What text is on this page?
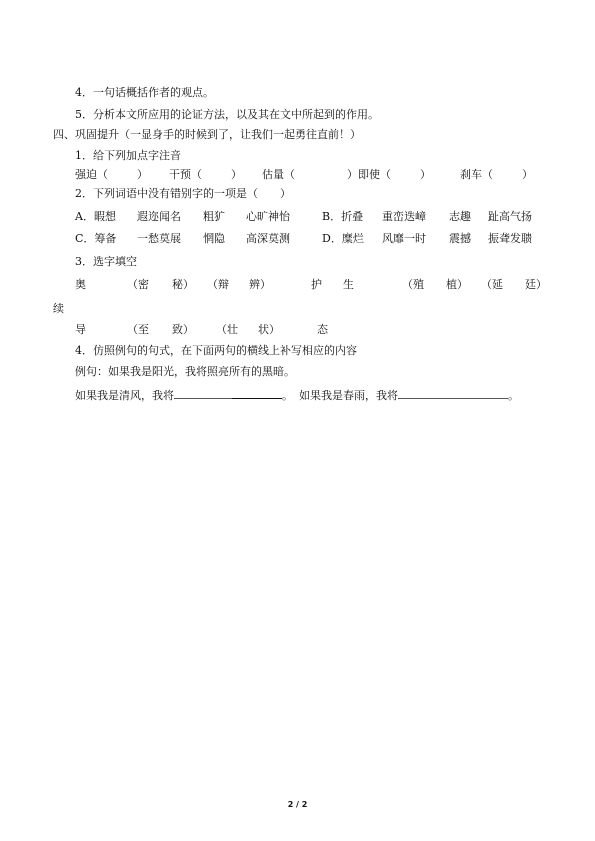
4．一句话概括作者的观点。
5．分析本文所应用的论证方法，以及其在文中所起到的作用。
四、巩固提升（一显身手的时候到了，让我们一起勇往直前！）
1．给下列加点字注音
强迫（	） 干预（	） 估量（	）即使（	）	刹车（	）
2．下列词语中没有错别字的一项是（ ）
A．暇想 遐迩闻名 粗犷 心旷神怡	B．折叠 重峦迭嶂 志趣 趾高气扬
C．筹备 一愁莫展 惘隐 高深莫测	D．糜烂 风靡一时 震撼 振聋发聩
3．选字填空
奥	（密 秘） （辩 辨）	护 生	（殖 植） （延 廷）
续
导	（至 致） （壮 状）	态
4．仿照例句的句式，在下面两句的横线上补写相应的内容
例句：如果我是阳光，我将照亮所有的黑暗。
如果我是清风，我将	。 如果我是春雨，我将	。
2 / 2
